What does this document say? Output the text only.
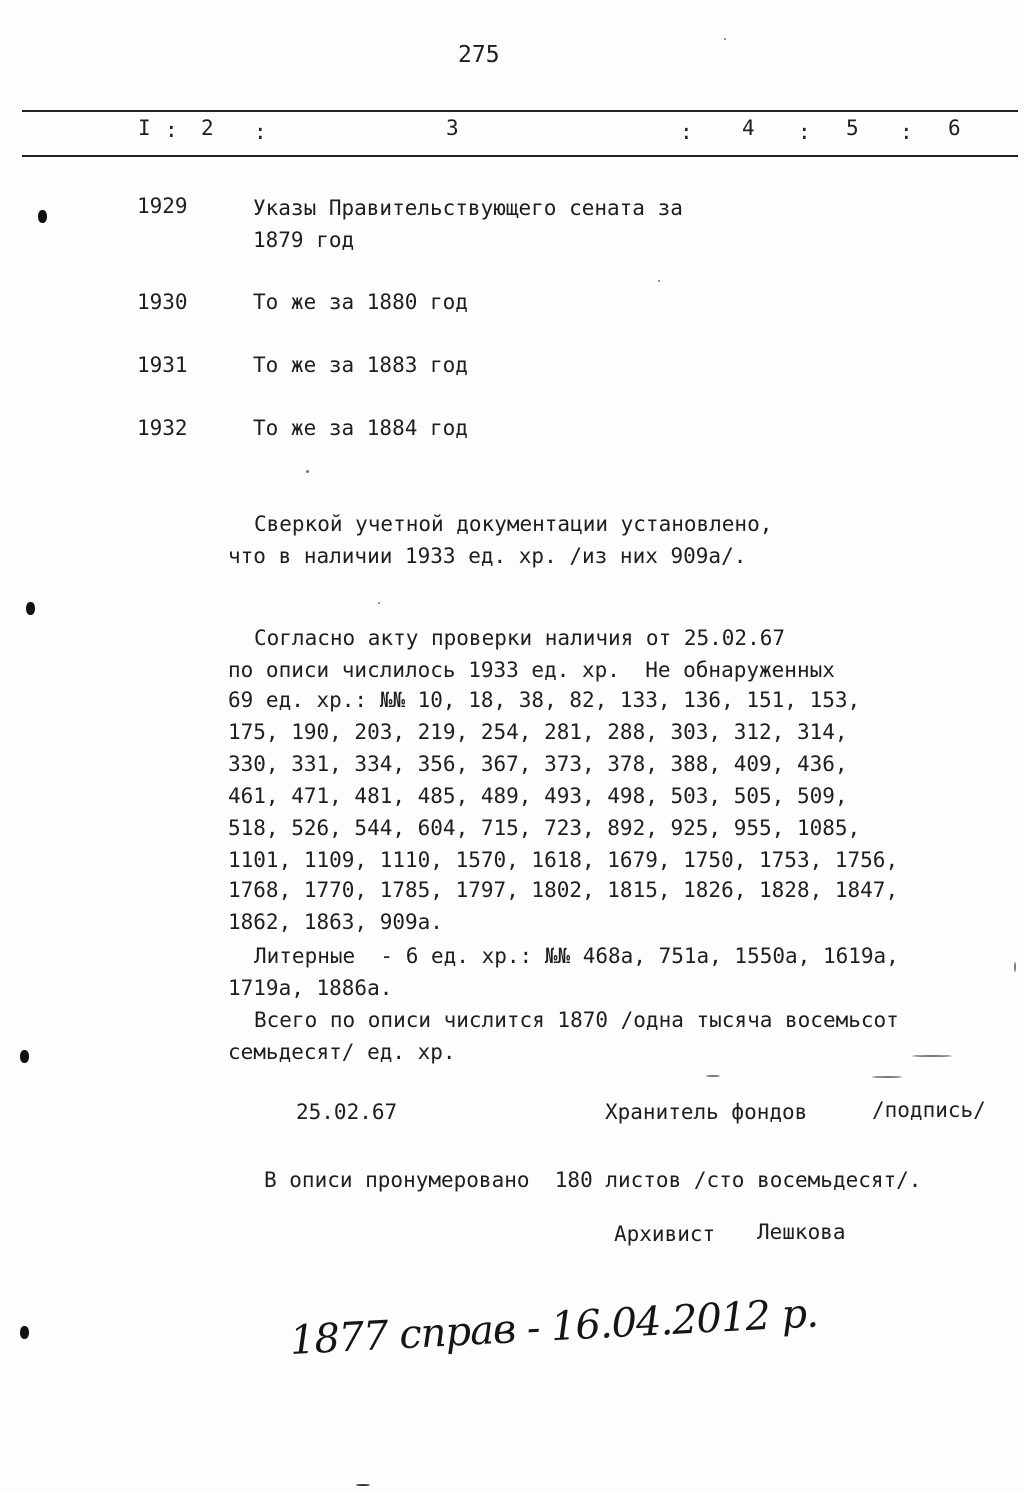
275
I : 2 :	3	: 4 : 5 : 6
1929	Указы Правительствующего сената за
1879 год
1930	То же за 1880 год
1931	То же за 1883 год
1932	То же за 1884 год
Сверкой учетной документации установлено,
что в наличии 1933 ед. хр. /из них 909а/.
Согласно акту проверки наличия от 25.02.67
по описи числилось 1933 ед. хр.  Не обнаруженных
69 ед. хр.: №№ 10, 18, 38, 82, 133, 136, 151, 153,
175, 190, 203, 219, 254, 281, 288, 303, 312, 314,
330, 331, 334, 356, 367, 373, 378, 388, 409, 436,
461, 471, 481, 485, 489, 493, 498, 503, 505, 509,
518, 526, 544, 604, 715, 723, 892, 925, 955, 1085,
1101, 1109, 1110, 1570, 1618, 1679, 1750, 1753, 1756,
1768, 1770, 1785, 1797, 1802, 1815, 1826, 1828, 1847,
1862, 1863, 909а.
Литерные  - 6 ед. хр.: №№ 468а, 751а, 1550а, 1619а,
1719а, 1886а.
Всего по описи числится 1870 /одна тысяча восемьсот
семьдесят/ ед. хр.
25.02.67	Хранитель фондов	/подпись/
В описи пронумеровано  180 листов /сто восемьдесят/.
Архивист Лешкова
1877 справ - 16.04.2012 р.
